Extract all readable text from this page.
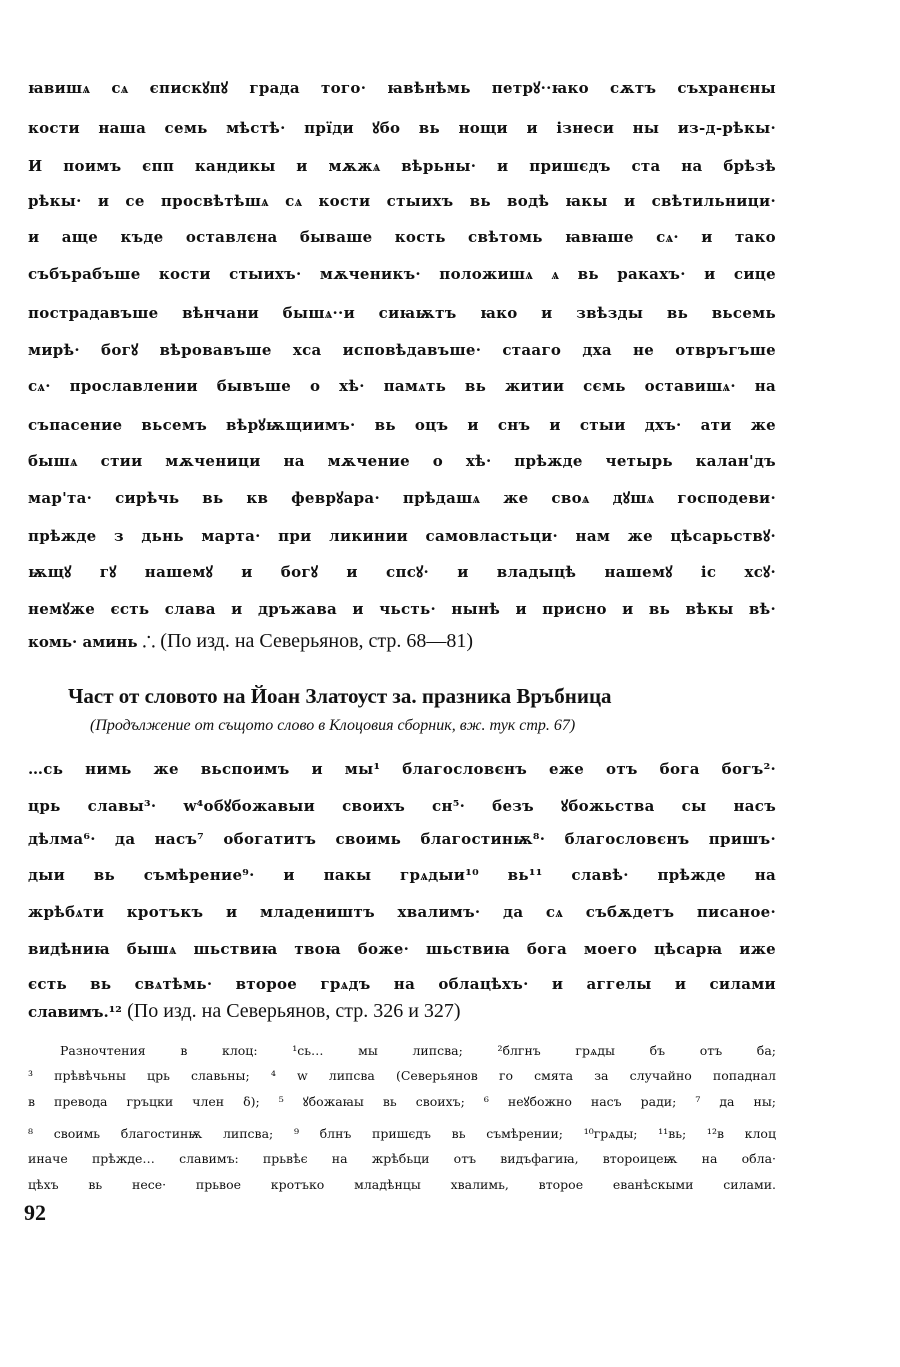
ꙗвишѧ сѧ єпискꙋпꙋ града того· ꙗвѣнѣмь петрꙋ··ꙗко сѫтъ съхранєны
кости наша семь мѣстѣ· прїди ꙋбо вь нощи и ізнеси ны из-д-рѣкы·
И поимъ єпп кандикы и мѫжѧ вѣрьны· и пришєдъ ста на брѣзѣ
рѣкы· и се просвѣтѣшѧ сѧ кости стыихъ вь водѣ ꙗкы и свѣтильници·
и аще къде оставлєна бываше кость свѣтомь ꙗвꙗше сѧ· и тако
събърабъше кости стыихъ· мѫченикъ· положишѧ ѧ вь ракахъ· и сице
пострадавъше вѣнчани бышѧ··и сиꙗѭтъ ꙗко и звѣзды вь вьсемь
мирѣ· богꙋ вѣровавъше хса исповѣдавъше· стааго дха не отвръгъше
сѧ· прославлении бывъше о хѣ· памѧть вь житии сємь оставишѧ· на
съпасение вьсемъ вѣрꙋѭщиимъ· вь оцъ и снъ и стыи дхъ· ати же
бышѧ стии мѫченици на мѫчение о хѣ· прѣжде четырь калан'дъ
мар'та· сирѣчь вь кв феврꙋара· прѣдашѧ же своѧ дꙋшѧ господеви·
прѣжде з дьнь марта· при ликинии самовластьци· нам же цѣсарьствꙋ·
ѭщꙋ гꙋ нашемꙋ и богꙋ и спсꙋ· и владыцѣ нашемꙋ іс хсꙋ·
немꙋже єсть слава и дръжава и чьсть· нынѣ и присно и вь вѣкы вѣ·
комь· аминь ⸫ (По изд. на Северьянов, стр. 68—81)
Част от словото на Йоан Златоуст за. празника Връбница
(Продължение от същото слово в Клоцовия сборник, вж. тук стр. 67)
…сь нимь же вьспоимъ и мы¹ благословєнъ еже отъ бога богъ²·
црь славы³· w⁴обꙋбожавыи своихъ сн⁵· безъ ꙋбожьства сы насъ
дѣлма⁶· да насъ⁷ обогатитъ своимь благостинѭ⁸· благословєнъ пришъ·
дыи вь съмѣрение⁹· и пакы грѧдыи¹⁰ вь¹¹ славѣ· прѣжде на
жрѣбѧти кротъкъ и младеништъ хвалимъ· да сѧ събѫдетъ писаное·
видѣниꙗ бышѧ шьствиꙗ твоꙗ боже· шьствиꙗ бога моего цѣсарꙗ иже
єсть вь свѧтѣмь· второе грѧдъ на облацѣхъ· и аггелы и силами
славимъ.¹² (По изд. на Северьянов, стр. 326 и 327)
Разночтения в клоц: ¹сь… мы липсва; ²блгнъ грѧды бъ отъ ба;
³ прѣвѣчьны црь славьны; ⁴ w липсва (Северьянов го смята за случайно попаднал
в превода гръцки член δ); ⁵ ꙋбожаꙗы вь своихъ; ⁶ неꙋбожно насъ ради; ⁷ да ны;
⁸ своимь благостинѭ липсва; ⁹ блнъ пришєдъ вь съмѣрении; ¹⁰грѧды; ¹¹вь; ¹²в клоц
иначе прѣжде… славимъ: прьвѣє на жрѣбьци отъ видъфагиꙗ, второицеѭ на обла·
цѣхъ вь несе· прьвое кротъко младѣнцы хвалимь, второе еванѣскыми силами.
92
